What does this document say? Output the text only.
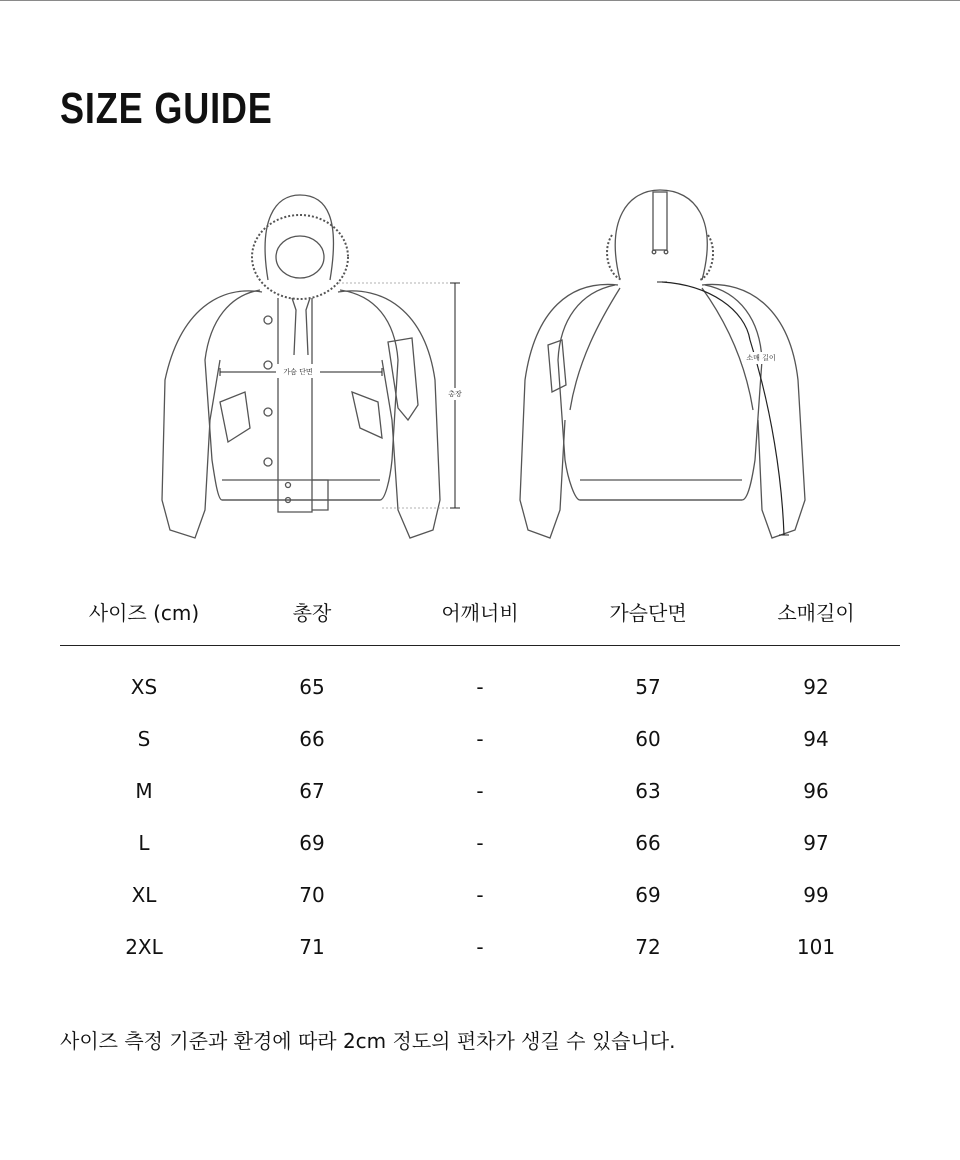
SIZE GUIDE
가슴 단면
총장
소매 길이
사이즈 (cm)	총장	어깨너비	가슴단면	소매길이
XS	65	-	57	92
S	66	-	60	94
M	67	-	63	96
L	69	-	66	97
XL	70	-	69	99
2XL	71	-	72	101

사이즈 측정 기준과 환경에 따라 2cm 정도의 편차가 생길 수 있습니다.
